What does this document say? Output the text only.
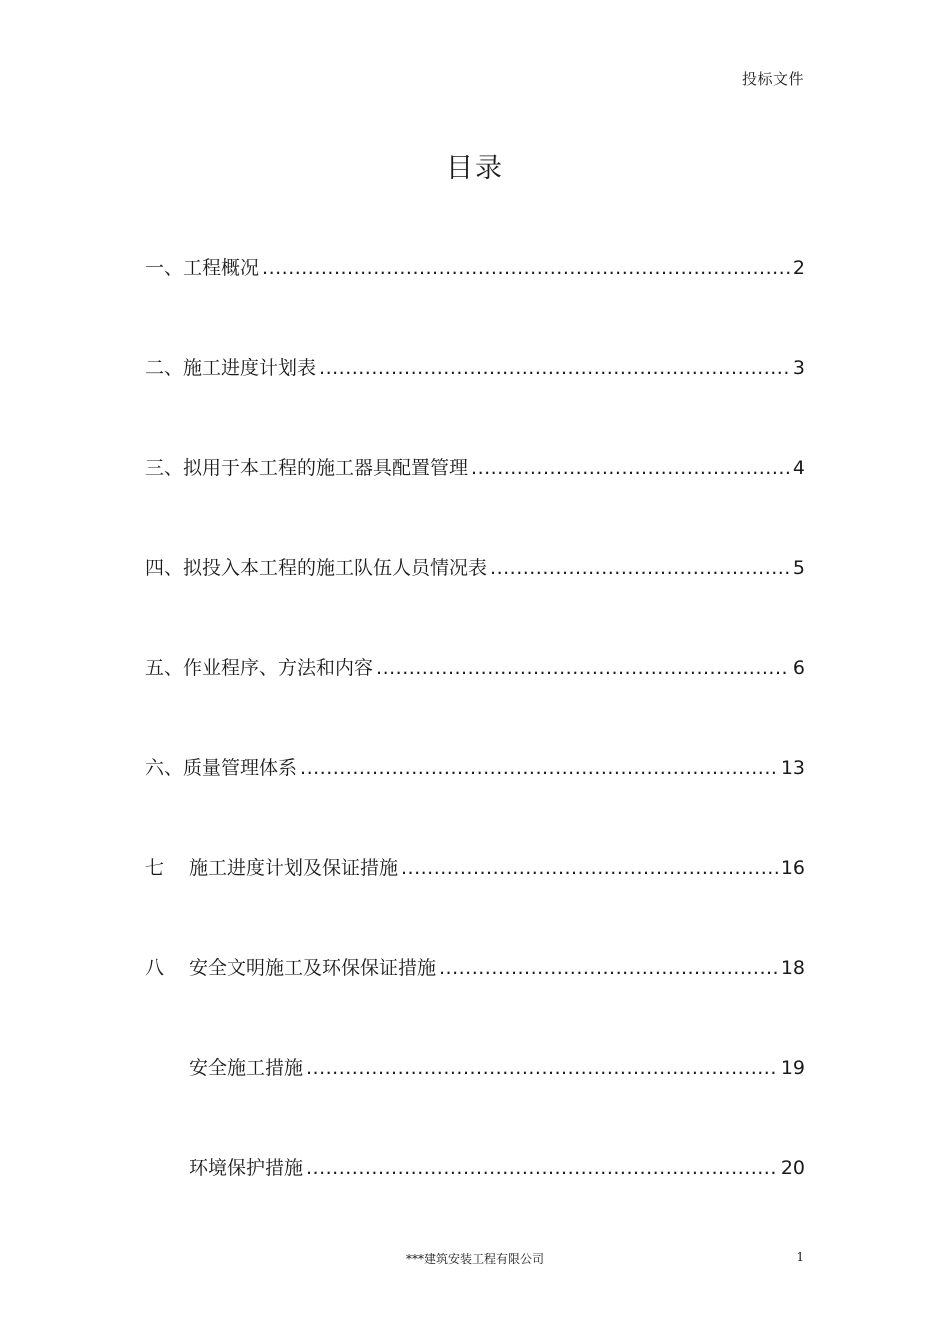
投标文件
目录
一、 工程概况 .....	2
二、 施工进度计划表 .....	3
三、 拟用于本工程的施工器具配置管理 .....	4
四、 拟投入本工程的施工队伍人员情况表 .....	5
五、 作业程序、方法和内容 .....	6
六、 质量管理体系 .....	13
七	施工进度计划及保证措施 .....	16
八	安全文明施工及环保保证措施 .....	18
安全施工措施 .....	19
环境保护措施 .....	20
***建筑安装工程有限公司	1
